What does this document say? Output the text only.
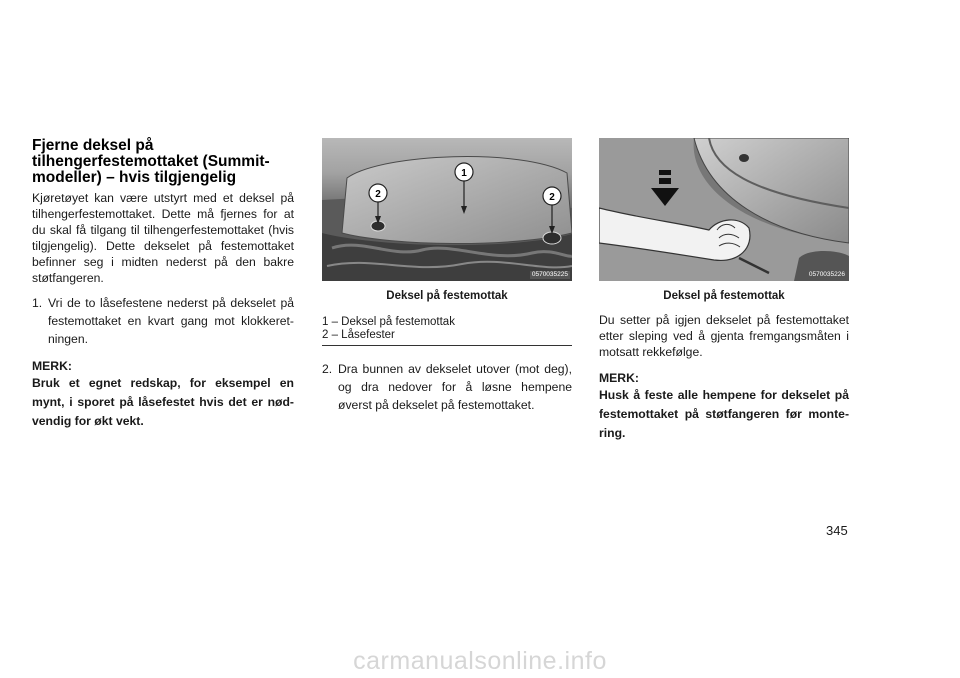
Fjerne deksel på
tilhengerfestemottaket (Summit-
modeller) – hvis tilgjengelig

Kjøretøyet kan være utstyrt med et deksel på tilhengerfestemottaket. Dette må fjernes for at du skal få tilgang til tilhengerfestemottaket (hvis tilgjengelig). Dette dekselet på festemottaket befinner seg i midten nederst på den bakre støtfangeren.

1. Vri de to låsefestene nederst på dekselet på festemottaket en kvart gang mot klokkeret-ningen.
MERK:
Bruk et egnet redskap, for eksempel en mynt, i sporet på låsefestet hvis det er nød-vendig for økt vekt.
1
2	2
0570035225
Deksel på festemottak
1 – Deksel på festemottak
2 – Låsefester
2. Dra bunnen av dekselet utover (mot deg), og dra nedover for å løsne hempene øverst på dekselet på festemottaket.
0570035226
Deksel på festemottak

Du setter på igjen dekselet på festemottaket etter sleping ved å gjenta fremgangsmåten i motsatt rekkefølge.

MERK:
Husk å feste alle hempene for dekselet på festemottaket på støtfangeren før monte-ring.
345
carmanualsonline.info
